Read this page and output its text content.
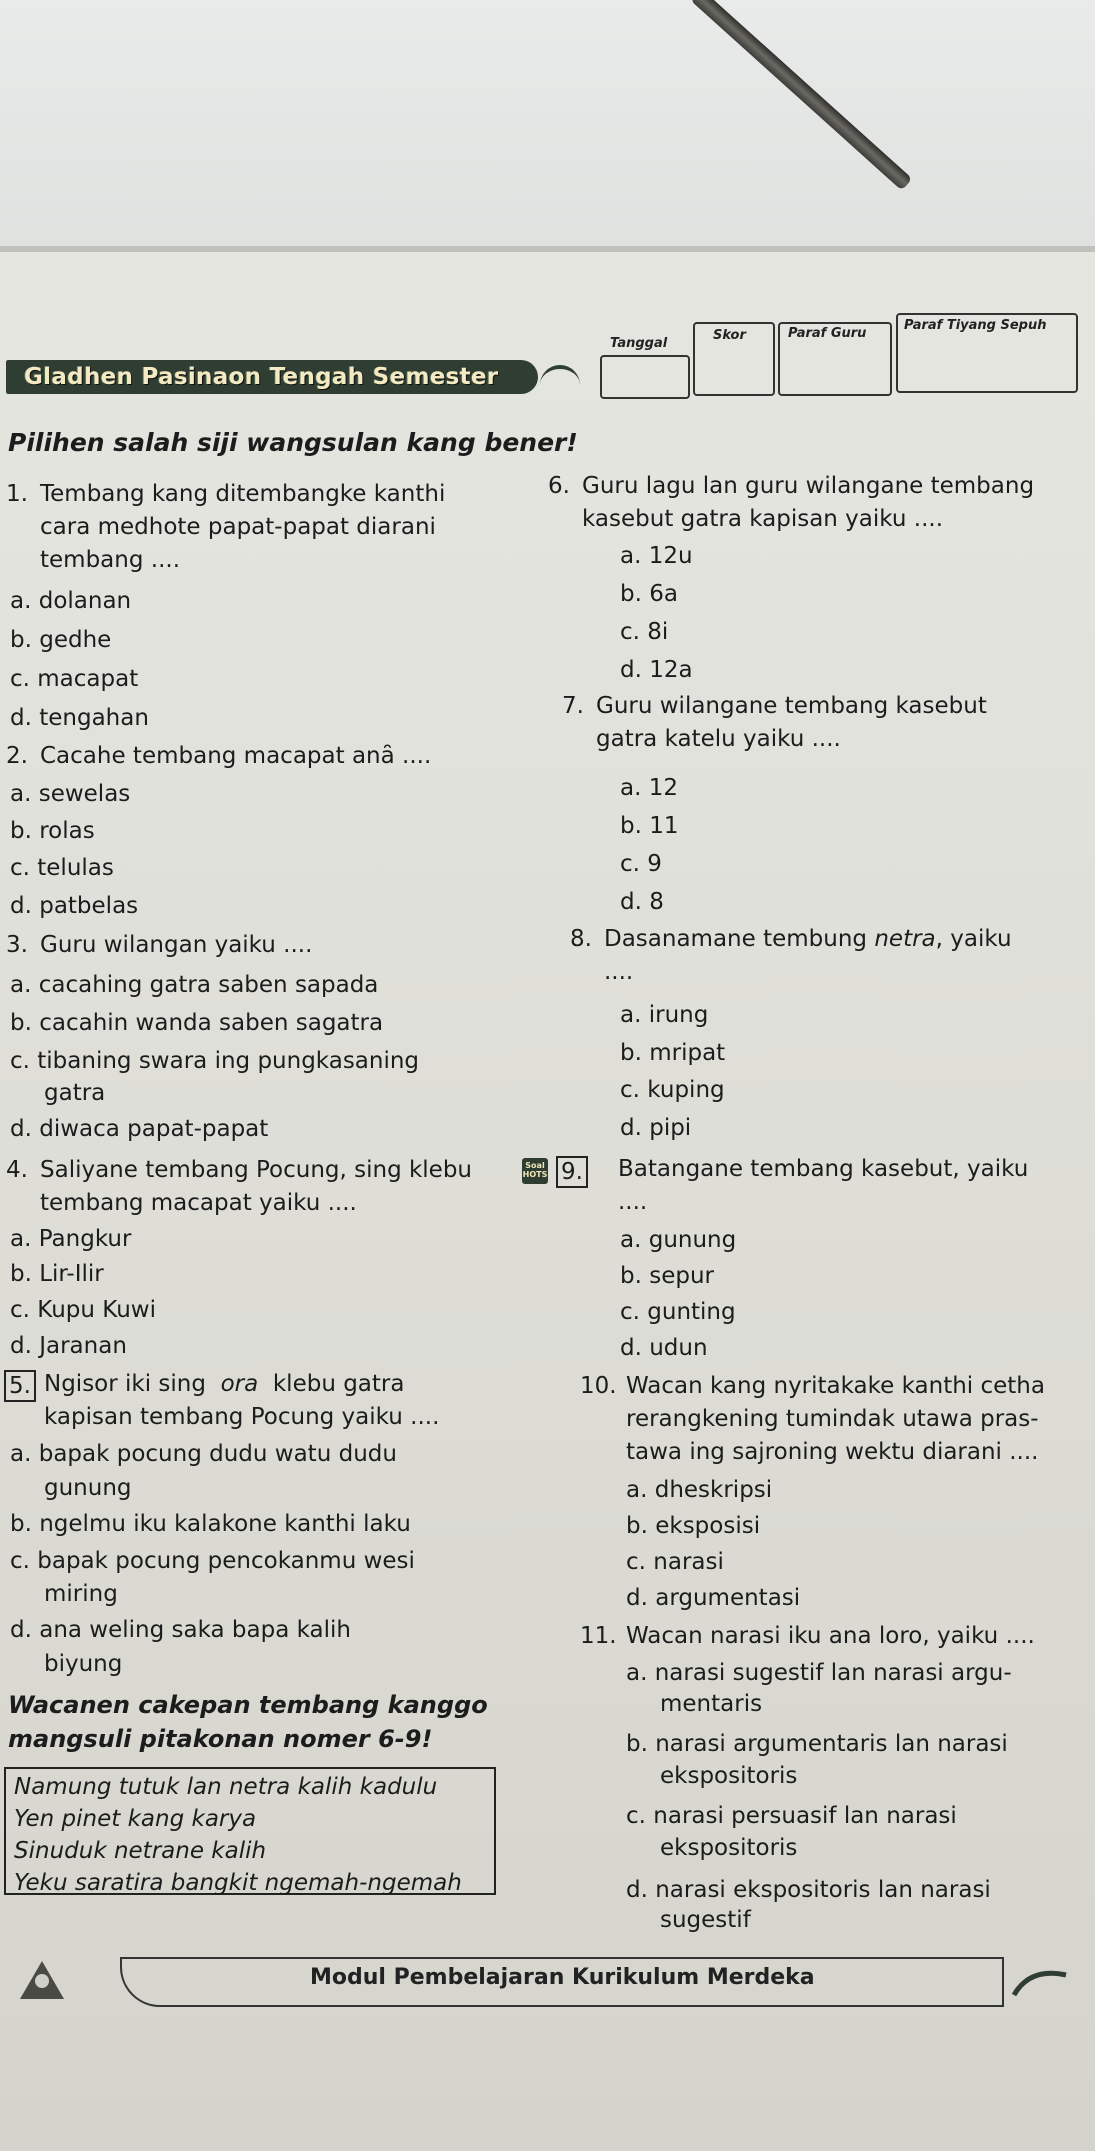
Tanggal
Skor	Paraf Guru
Paraf Tiyang Sepuh
Gladhen Pasinaon Tengah Semester
Pilihen salah siji wangsulan kang bener!
1. Tembang kang ditembangke kanthi
cara medhote papat-papat diarani
tembang ....
a. dolanan
b. gedhe
c. macapat
d. tengahan
2. Cacahe tembang macapat anȃ ....
a. sewelas
b. rolas
c. telulas
d. patbelas
3. Guru wilangan yaiku ....
a. cacahing gatra saben sapada
b. cacahin wanda saben sagatra
c. tibaning swara ing pungkasaning
gatra
d. diwaca papat-papat
4. Saliyane tembang Pocung, sing klebu
tembang macapat yaiku ....
a. Pangkur
b. Lir-Ilir
c. Kupu Kuwi
d. Jaranan
5. Ngisor iki sing ora klebu gatra
kapisan tembang Pocung yaiku ....
a. bapak pocung dudu watu dudu
gunung
b. ngelmu iku kalakone kanthi laku
c. bapak pocung pencokanmu wesi
miring
d. ana weling saka bapa kalih
biyung
Wacanen cakepan tembang kanggo
mangsuli pitakonan nomer 6-9!
Namung tutuk lan netra kalih kadulu
Yen pinet kang karya
Sinuduk netrane kalih
Yeku saratira bangkit ngemah-ngemah
6. Guru lagu lan guru wilangane tembang
kasebut gatra kapisan yaiku ....
a. 12u
b. 6a
c. 8i
d. 12a
7. Guru wilangane tembang kasebut
gatra katelu yaiku ....
a. 12
b. 11
c. 9
d. 8
8. Dasanamane tembung netra, yaiku
....
a. irung
b. mripat
c. kuping
d. pipi
Soal HOTS 9. Batangane tembang kasebut, yaiku
....
a. gunung
b. sepur
c. gunting
d. udun
10. Wacan kang nyritakake kanthi cetha
rerangkening tumindak utawa pras-
tawa ing sajroning wektu diarani ....
a. dheskripsi
b. eksposisi
c. narasi
d. argumentasi
11. Wacan narasi iku ana loro, yaiku ....
a. narasi sugestif lan narasi argu-
mentaris
b. narasi argumentaris lan narasi
ekspositoris
c. narasi persuasif lan narasi
ekspositoris
d. narasi ekspositoris lan narasi
sugestif
Modul Pembelajaran Kurikulum Merdeka
